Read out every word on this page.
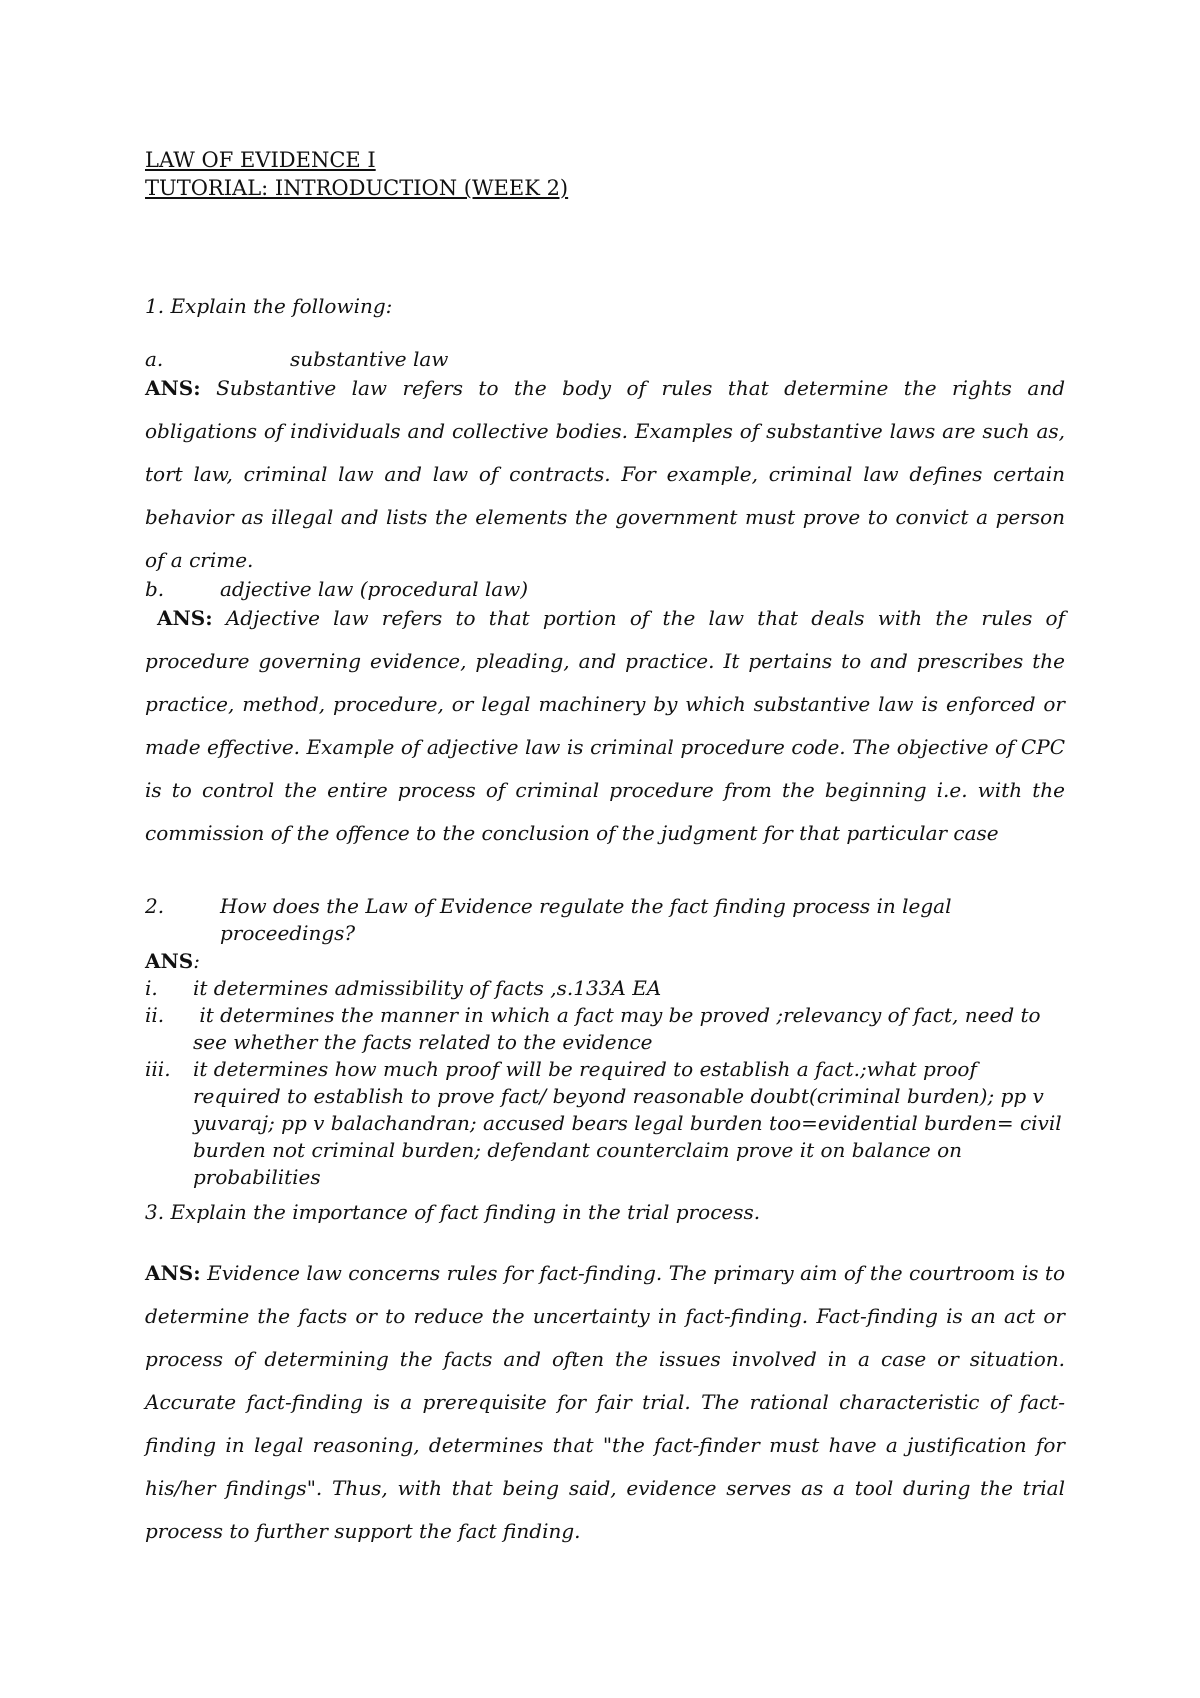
LAW OF EVIDENCE I
TUTORIAL: INTRODUCTION (WEEK 2)
1. Explain the following:
a.	substantive law
ANS: Substantive law refers to the body of rules that determine the rights and obligations of individuals and collective bodies. Examples of substantive laws are such as, tort law, criminal law and law of contracts. For example, criminal law defines certain behavior as illegal and lists the elements the government must prove to convict a person of a crime.
b.	adjective law (procedural law)
ANS: Adjective law refers to that portion of the law that deals with the rules of procedure governing evidence, pleading, and practice. It pertains to and prescribes the practice, method, procedure, or legal machinery by which substantive law is enforced or made effective. Example of adjective law is criminal procedure code. The objective of CPC is to control the entire process of criminal procedure from the beginning i.e. with the commission of the offence to the conclusion of the judgment for that particular case
2.	How does the Law of Evidence regulate the fact finding process in legal proceedings?
ANS:
i.	it determines admissibility of facts ,s.133A EA
ii.	it determines the manner in which a fact may be proved ;relevancy of fact, need to see whether the facts related to the evidence
iii.	it determines how much proof will be required to establish a fact.;what proof required to establish to prove fact/ beyond reasonable doubt(criminal burden); pp v yuvaraj; pp v balachandran; accused bears legal burden too=evidential burden= civil burden not criminal burden; defendant counterclaim prove it on balance on probabilities
3. Explain the importance of fact finding in the trial process.
ANS: Evidence law concerns rules for fact-finding. The primary aim of the courtroom is to determine the facts or to reduce the uncertainty in fact-finding. Fact-finding is an act or process of determining the facts and often the issues involved in a case or situation. Accurate fact-finding is a prerequisite for fair trial. The rational characteristic of fact-finding in legal reasoning, determines that "the fact-finder must have a justification for his/her findings". Thus, with that being said, evidence serves as a tool during the trial process to further support the fact finding.
